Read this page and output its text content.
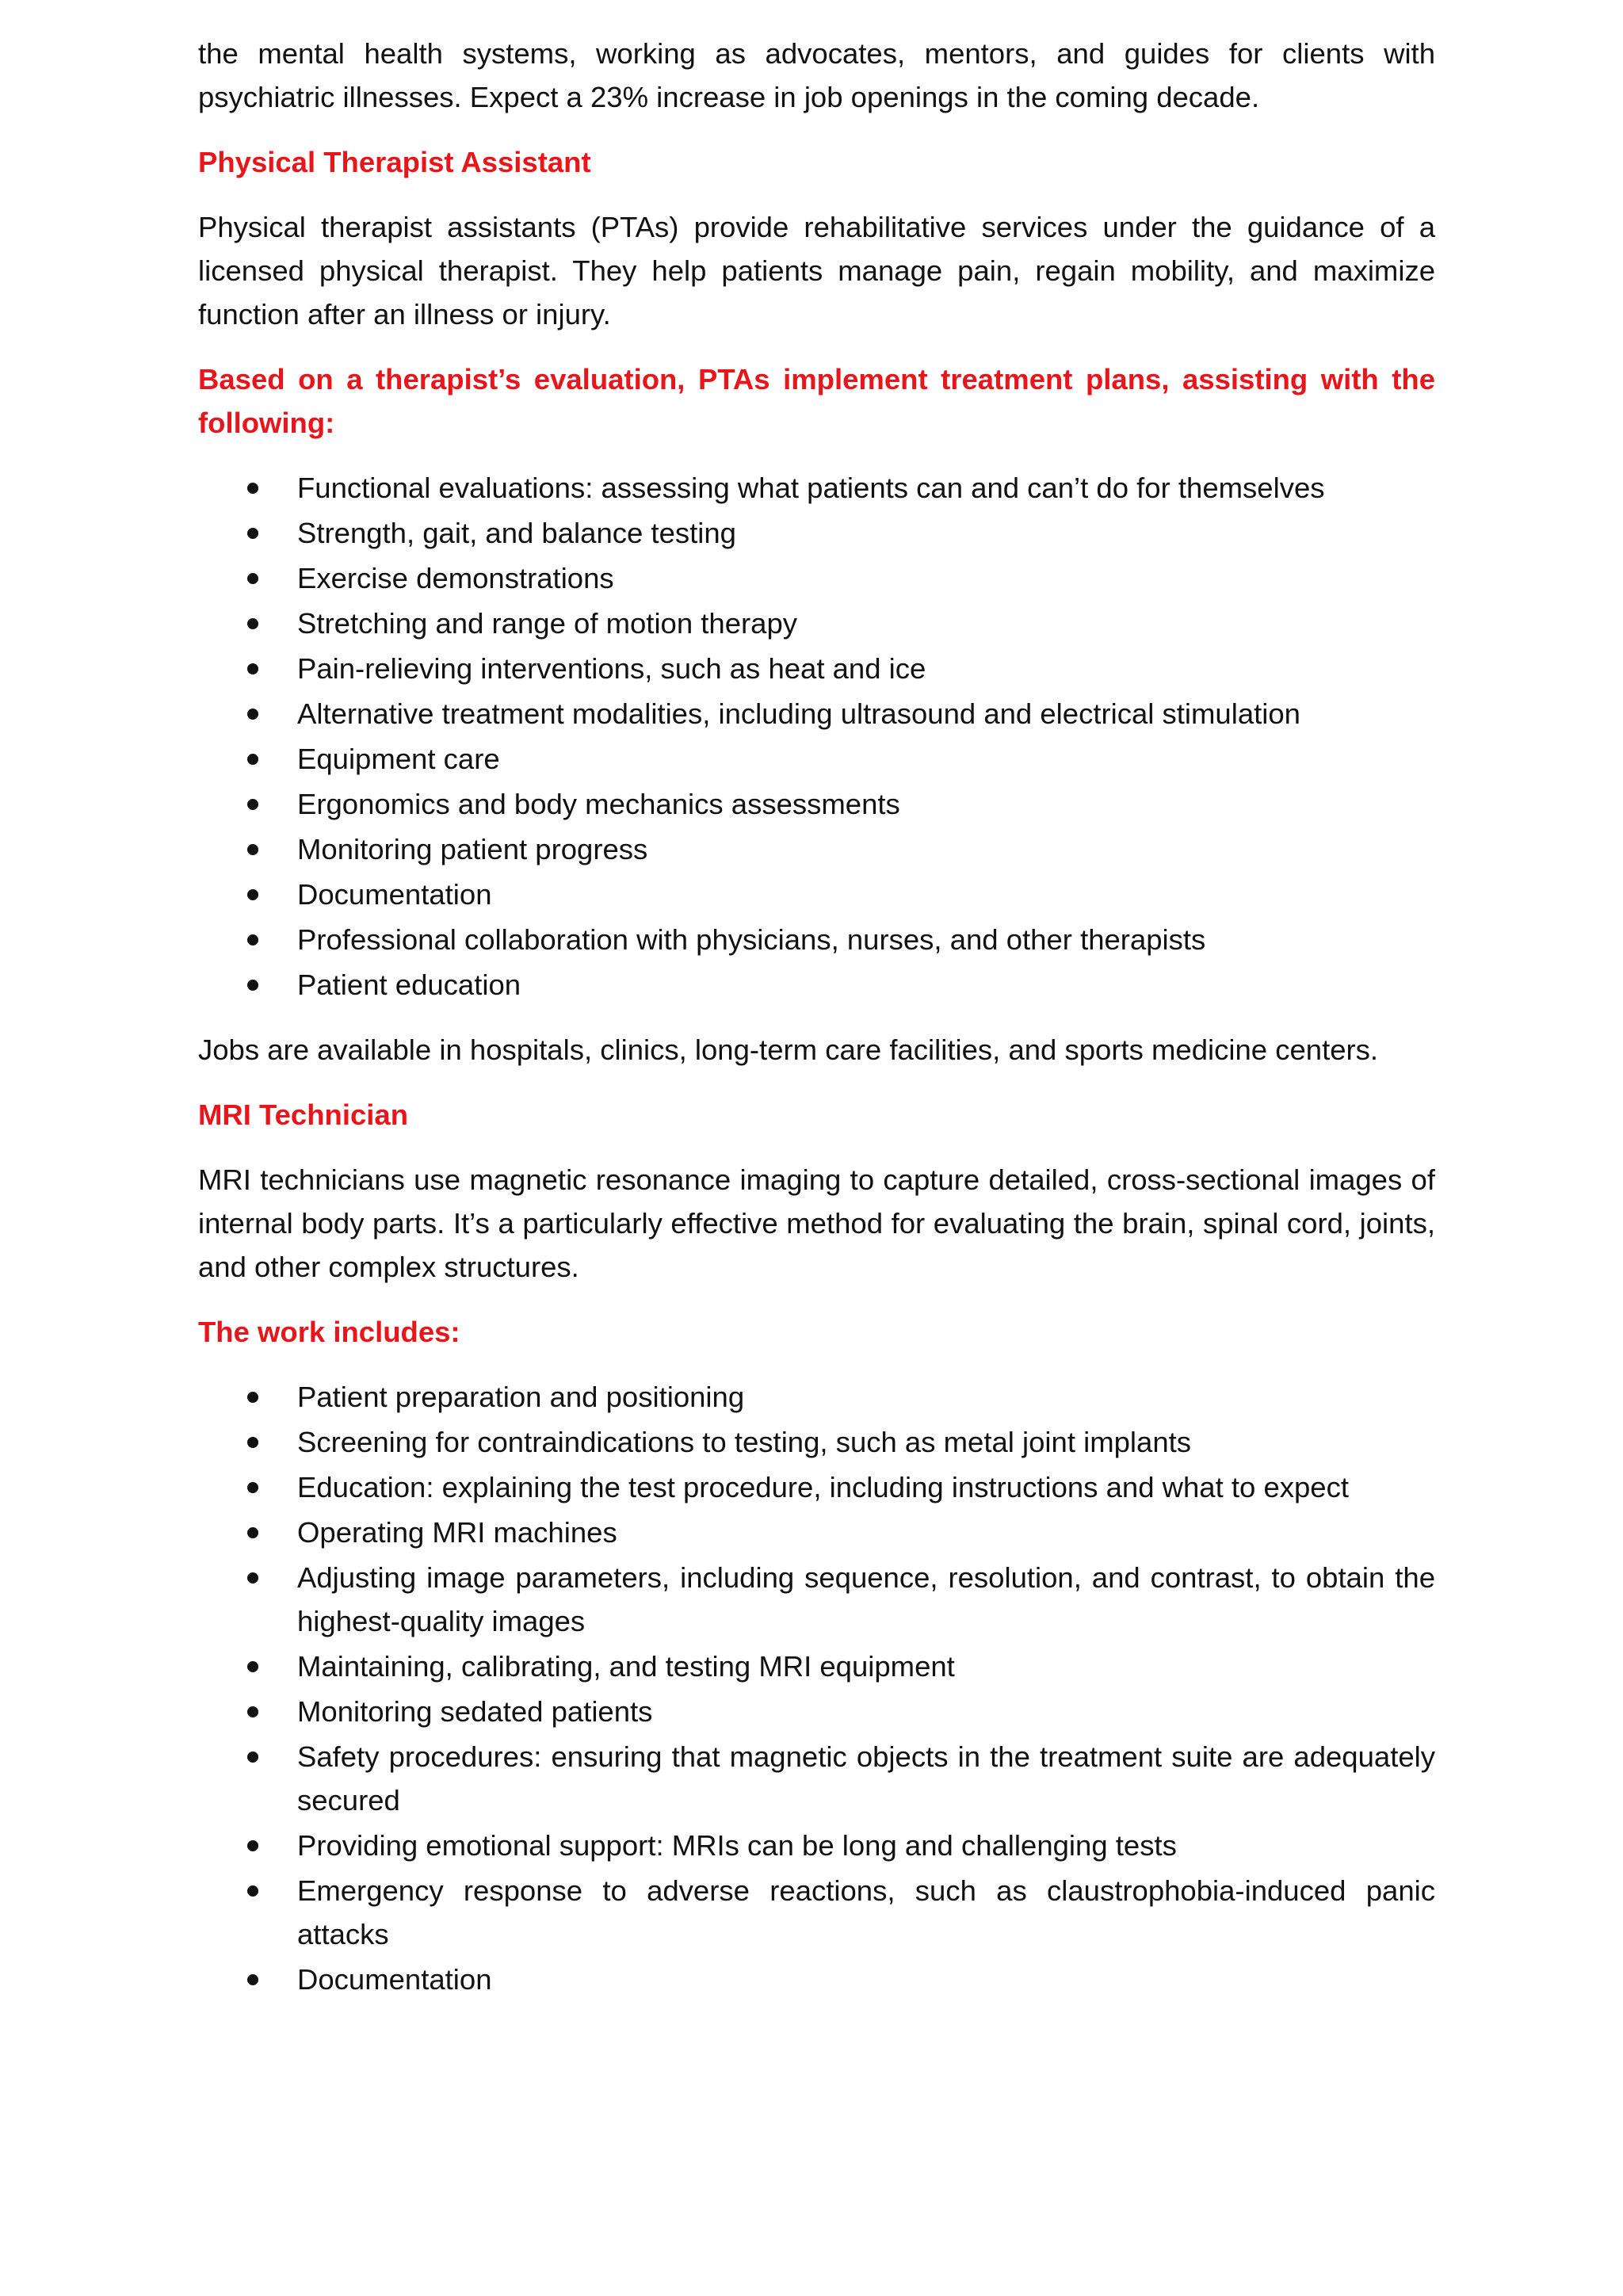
the mental health systems, working as advocates, mentors, and guides for clients with psychiatric illnesses. Expect a 23% increase in job openings in the coming decade.

Physical Therapist Assistant

Physical therapist assistants (PTAs) provide rehabilitative services under the guidance of a licensed physical therapist. They help patients manage pain, regain mobility, and maximize function after an illness or injury.

Based on a therapist’s evaluation, PTAs implement treatment plans, assisting with the following:
Functional evaluations: assessing what patients can and can’t do for themselves
Strength, gait, and balance testing
Exercise demonstrations
Stretching and range of motion therapy
Pain-relieving interventions, such as heat and ice
Alternative treatment modalities, including ultrasound and electrical stimulation
Equipment care
Ergonomics and body mechanics assessments
Monitoring patient progress
Documentation
Professional collaboration with physicians, nurses, and other therapists
Patient education

Jobs are available in hospitals, clinics, long-term care facilities, and sports medicine centers.

MRI Technician

MRI technicians use magnetic resonance imaging to capture detailed, cross-sectional images of internal body parts. It’s a particularly effective method for evaluating the brain, spinal cord, joints, and other complex structures.

The work includes:
Patient preparation and positioning
Screening for contraindications to testing, such as metal joint implants
Education: explaining the test procedure, including instructions and what to expect
Operating MRI machines
Adjusting image parameters, including sequence, resolution, and contrast, to obtain the highest-quality images
Maintaining, calibrating, and testing MRI equipment
Monitoring sedated patients
Safety procedures: ensuring that magnetic objects in the treatment suite are adequately secured
Providing emotional support: MRIs can be long and challenging tests
Emergency response to adverse reactions, such as claustrophobia-induced panic attacks
Documentation
